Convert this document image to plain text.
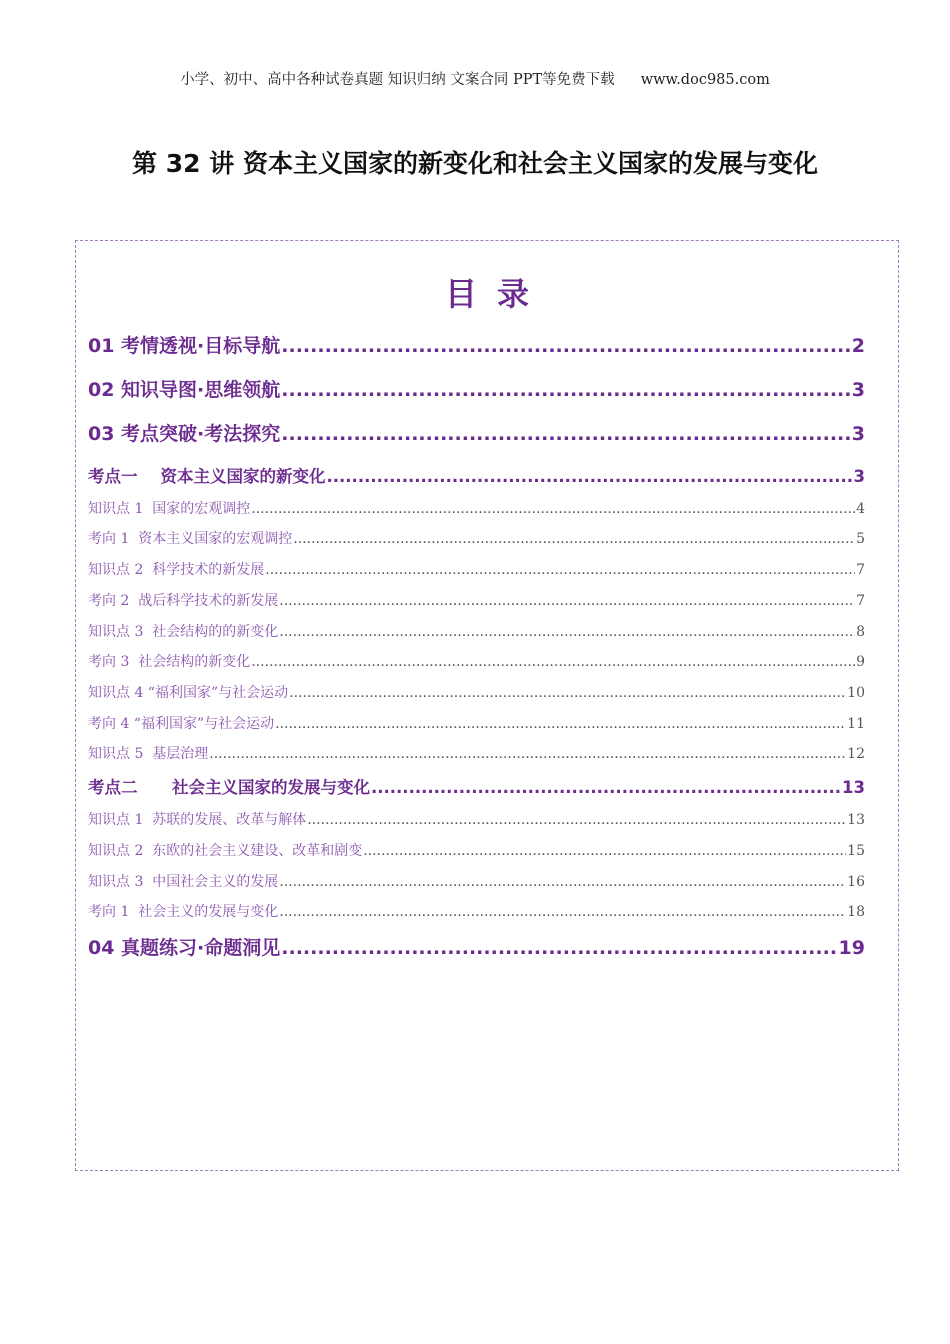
小学、初中、高中各种试卷真题 知识归纳 文案合同 PPT等免费下载 www.doc985.com
第 32 讲 资本主义国家的新变化和社会主义国家的发展与变化
目录
01 考情透视·目标导航 .....	2
02 知识导图·思维领航 .....	3
03 考点突破·考法探究 .....	3
考点一    资本主义国家的新变化 .....	3
知识点 1  国家的宏观调控 .....	4
考向 1  资本主义国家的宏观调控 .....	5
知识点 2  科学技术的新发展 .....	7
考向 2  战后科学技术的新发展 .....	7
知识点 3  社会结构的的新变化 .....	8
考向 3  社会结构的新变化 .....	9
知识点 4 “福利国家”与社会运动 .....	10
考向 4 “福利国家”与社会运动 .....	11
知识点 5  基层治理 .....	12
考点二      社会主义国家的发展与变化 .....	13
知识点 1  苏联的发展、改革与解体 .....	13
知识点 2  东欧的社会主义建设、改革和剧变 .....	15
知识点 3  中国社会主义的发展 .....	16
考向 1  社会主义的发展与变化 .....	18
04 真题练习·命题洞见 .....	19
